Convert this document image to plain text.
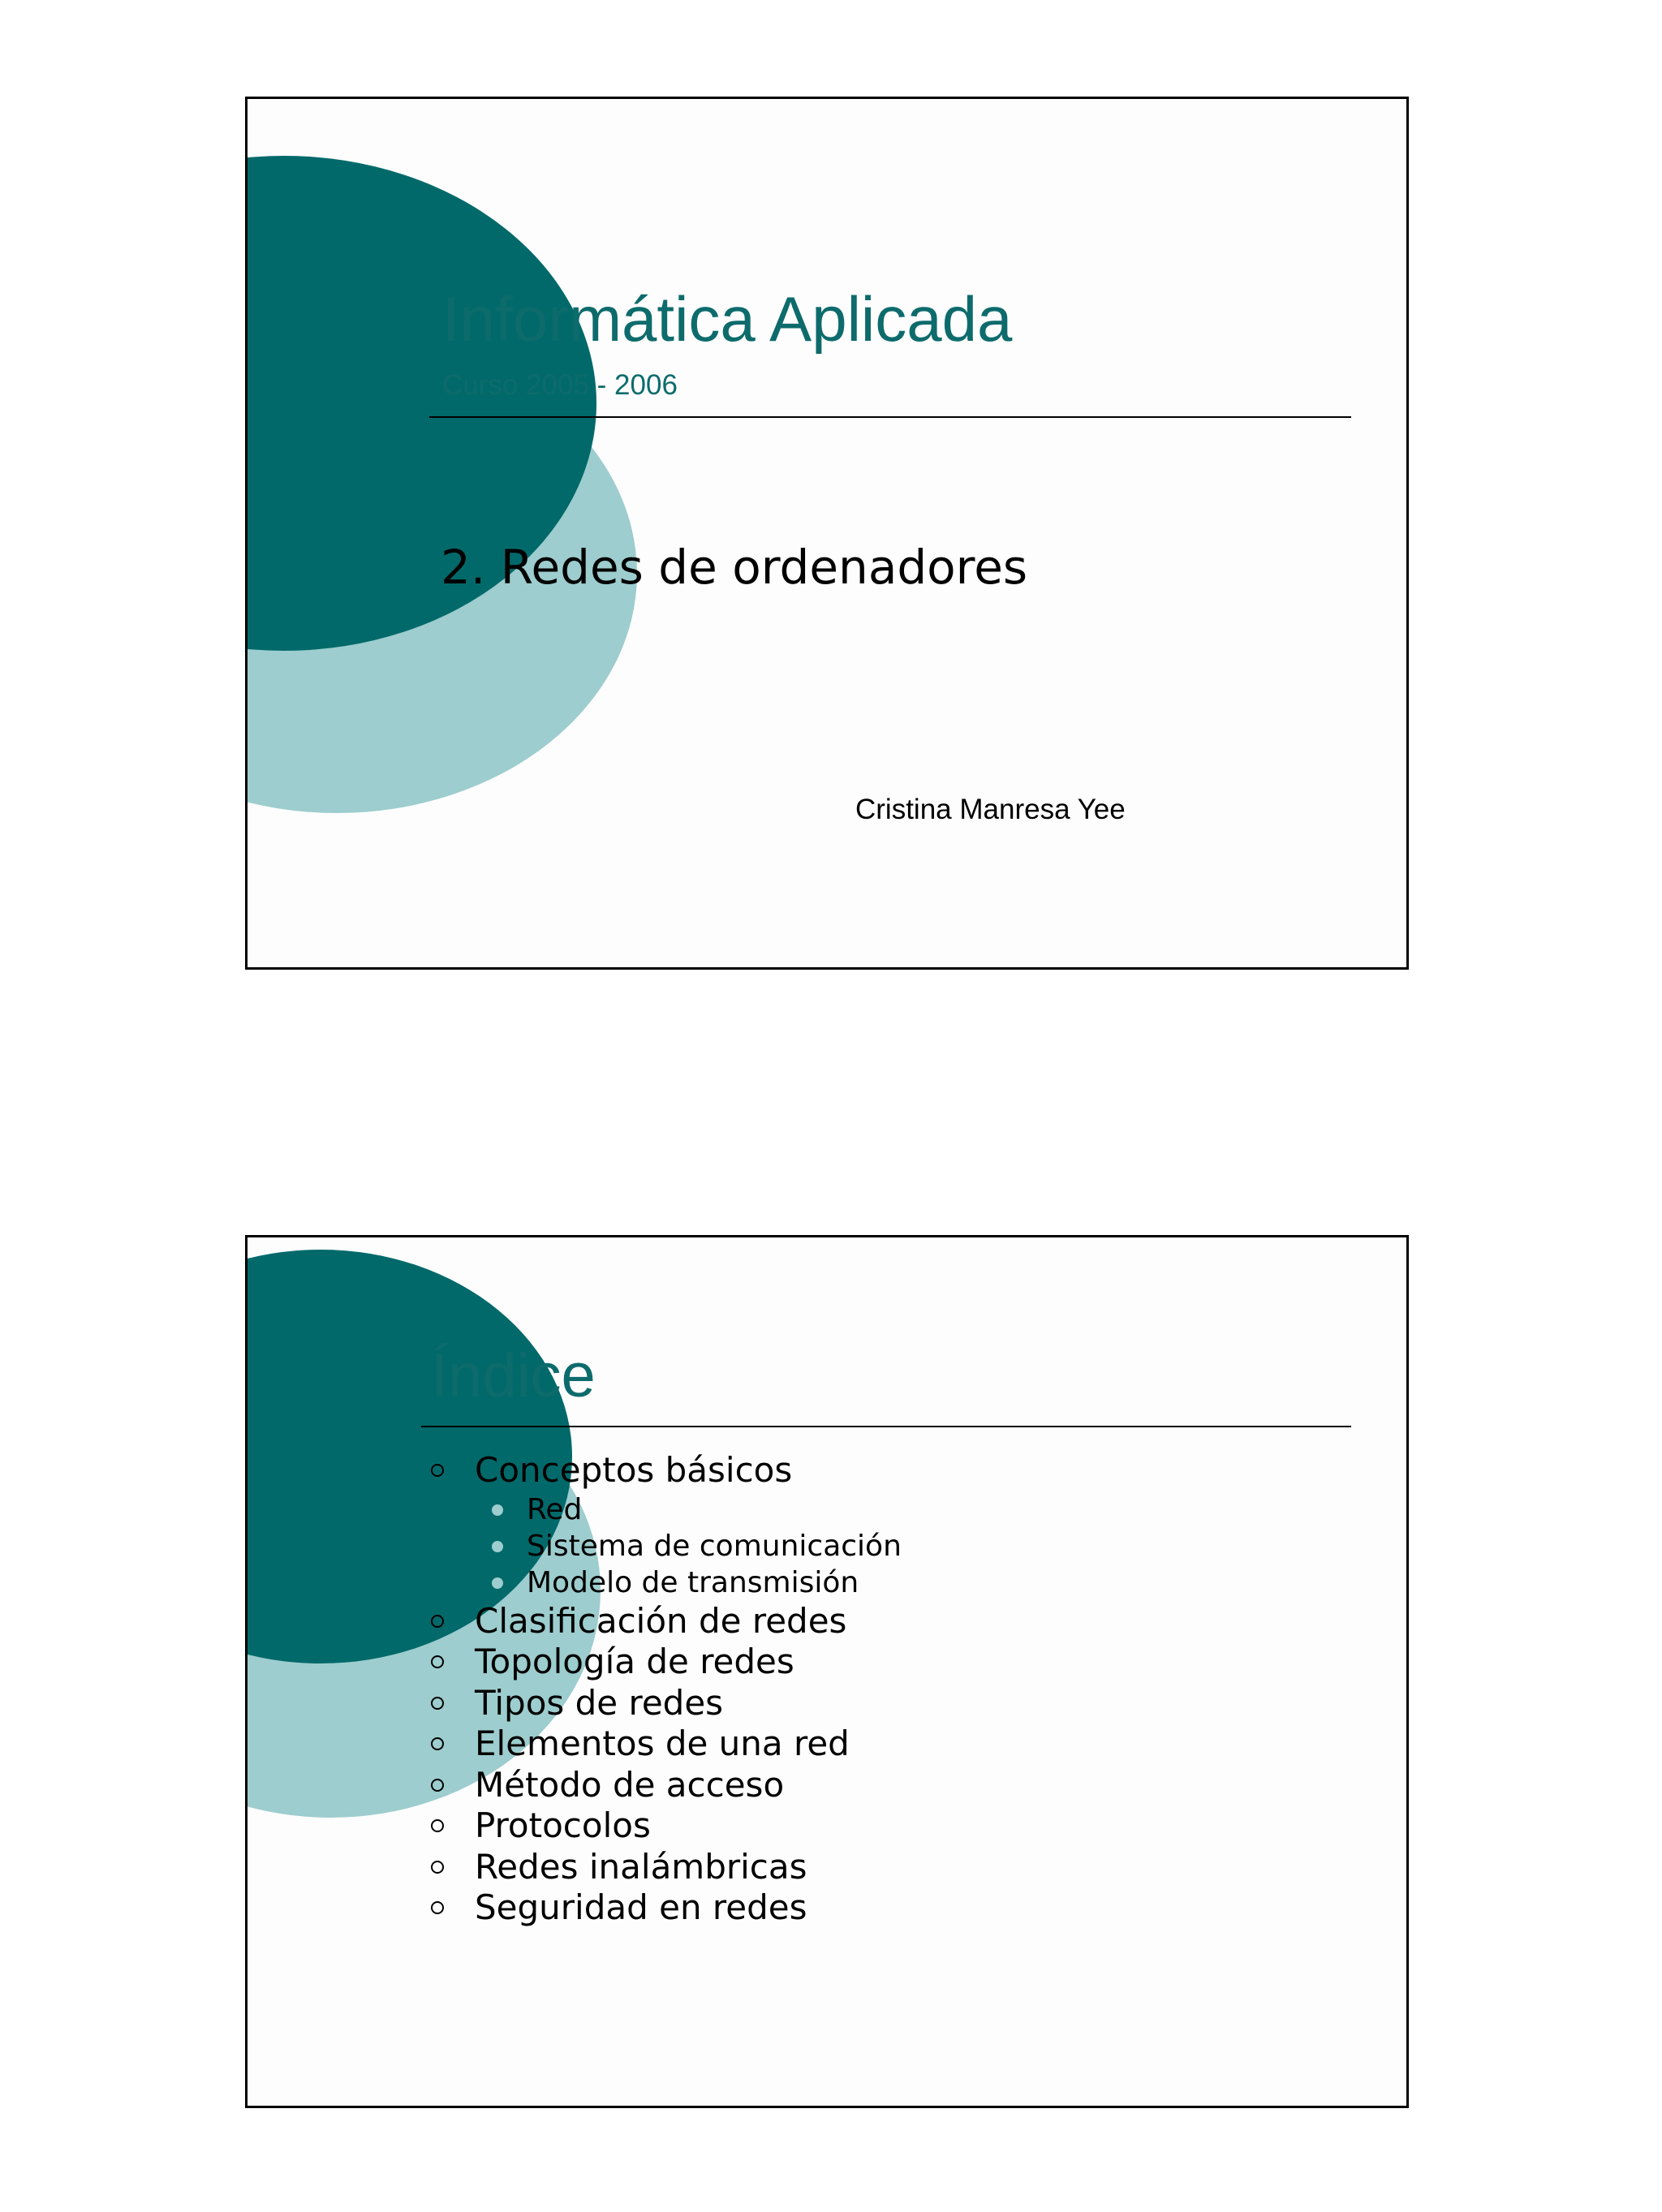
Informática Aplicada
Curso 2005 - 2006
2. Redes de ordenadores
Cristina Manresa Yee
Índice
Conceptos básicos
Red
Sistema de comunicación
Modelo de transmisión
Clasificación de redes
Topología de redes
Tipos de redes
Elementos de una red
Método de acceso
Protocolos
Redes inalámbricas
Seguridad en redes
